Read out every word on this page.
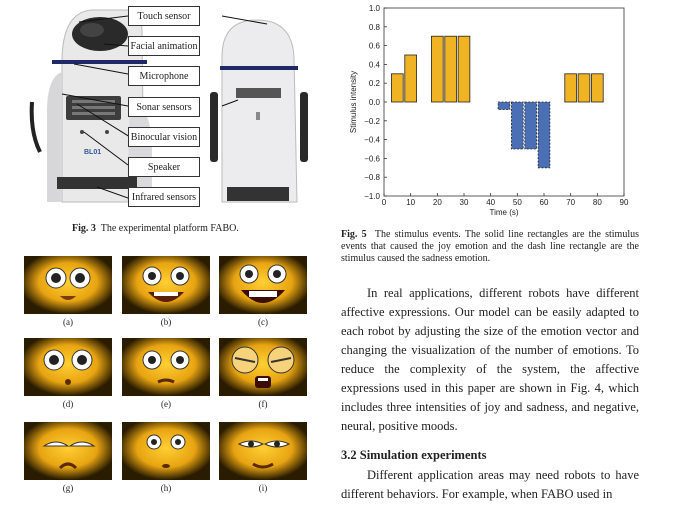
BL01
Touch sensor
Facial animation
Microphone
Sonar sensors
Binocular vision
Speaker
Infrared sensors
Fig. 3 The experimental platform FABO.
(a)	(b)	(c)
(d)	(e)	(f)
(g)	(h)	(i)
−1.0
−0.8
−0.6
−0.4
−0.2
0.0
0.2
0.4
0.6
0.8
1.0
0 10 20 30 40 50 60 70 80 90
Time (s)
Stimulus intensity
Fig. 5 The stimulus events. The solid line rectangles are the stimulus events that caused the joy emotion and the dash line rectangle are the stimulus caused the sadness emotion.
In real applications, different robots have different affective expressions. Our model can be easily adapted to each robot by adjusting the size of the emotion vector and changing the visualization of the number of emotions. To reduce the complexity of the system, the affective expressions used in this paper are shown in Fig. 4, which includes three intensities of joy and sadness, and negative, neural, positive moods.
3.2 Simulation experiments
Different application areas may need robots to have different behaviors. For example, when FABO used in
